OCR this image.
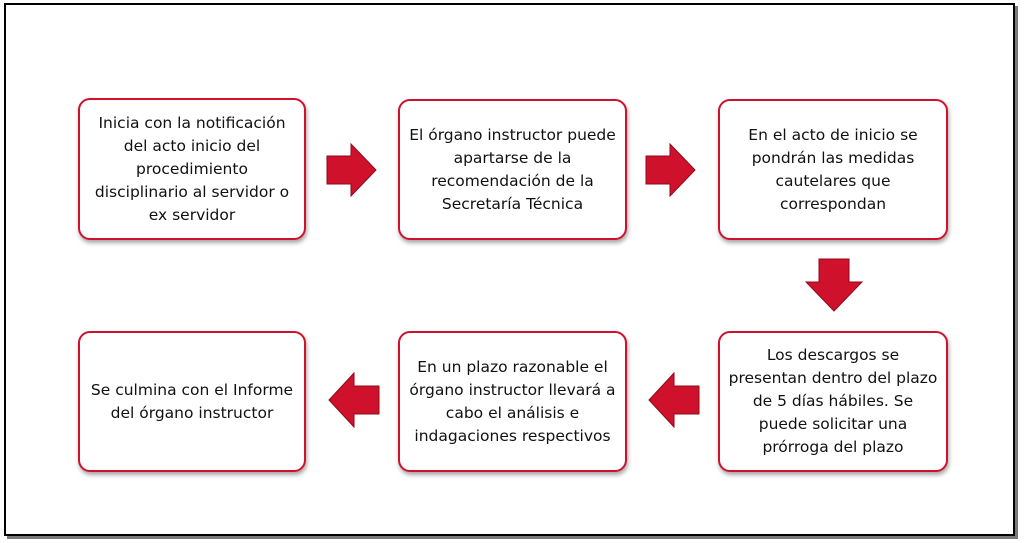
Inicia con la notificación del acto inicio del procedimiento disciplinario al servidor o ex servidor
El órgano instructor puede apartarse de la recomendación de la Secretaría Técnica
En el acto de inicio se pondrán las medidas cautelares que correspondan
Se culmina con el Informe del órgano instructor
En un plazo razonable el órgano instructor llevará a cabo el análisis e indagaciones respectivos
Los descargos se presentan dentro del plazo de 5 días hábiles. Se puede solicitar una prórroga del plazo
